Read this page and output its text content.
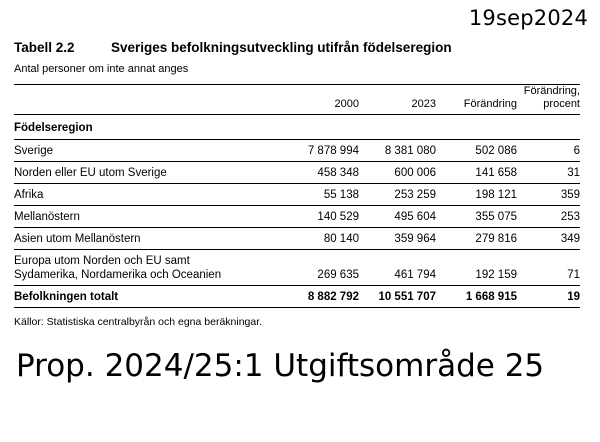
19sep2024
Tabell 2.2	Sveriges befolkningsutveckling utifrån födelseregion
Antal personer om inte annat anges
	2000	2023	Förändring	Förändring,
procent
Födelseregion				
Sverige	7 878 994	8 381 080	502 086	6
Norden eller EU utom Sverige	458 348	600 006	141 658	31
Afrika	55 138	253 259	198 121	359
Mellanöstern	140 529	495 604	355 075	253
Asien utom Mellanöstern	80 140	359 964	279 816	349
Europa utom Norden och EU samt
Sydamerika, Nordamerika och Oceanien	269 635	461 794	192 159	71
Befolkningen totalt	8 882 792	10 551 707	1 668 915	19
Källor: Statistiska centralbyrån och egna beräkningar.
Prop. 2024/25:1 Utgiftsområde 25
